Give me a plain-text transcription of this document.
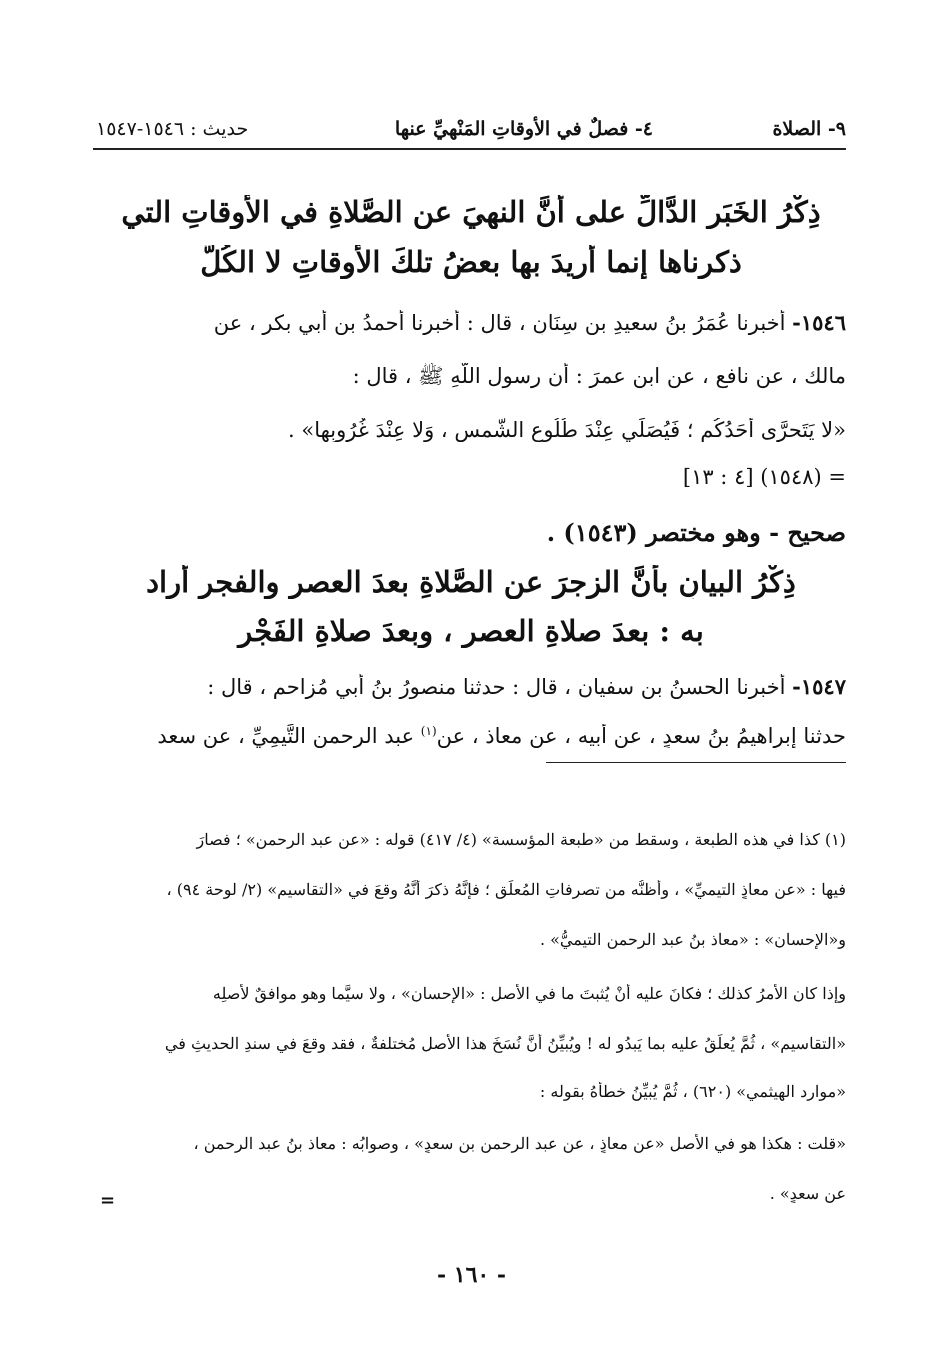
٩- الصلاة
٤- فصلٌ في الأوقاتِ المَنْهيِّ عنها
حديث : ١٥٤٦-١٥٤٧
ذِكْرُ الخَبَرِ الدَّالِّ على أنَّ النهيَ عن الصَّلاةِ في الأوقاتِ التي
ذكرناها إنما أُريدَ بها بعضُ تلكَ الأوقاتِ لا الكُلُّ
١٥٤٦- أخبرنا عُمَرُ بنُ سعيدِ بن سِنَانٍ ، قال : أخبرنا أحمدُ بن أبي بكر ، عن
مالك ، عن نافع ، عن ابن عمرَ : أن رسول اللّهِ ﷺ ، قال :
«لا يَتَحرَّى أَحَدُكُم ؛ فَيُصَلِّي عِنْدَ طُلُوعِ الشَّمسِ ، وَلا عِنْدَ غُرُوبِها» .
= (١٥٤٨) [٤ : ١٣]
صحيح - وهو مختصر (١٥٤٣) .
ذِكْرُ البيانِ بأنَّ الزجرَ عن الصَّلاةِ بعدَ العصرِ والفجرِ أراد
به : بعدَ صلاةِ العصرِ ، وبعدَ صلاةِ الفَجْرِ
١٥٤٧- أخبرنا الحسنُ بن سفيان ، قال : حدثنا منصورُ بنُ أبي مُزاحم ، قال :
حدثنا إبراهيمُ بنُ سعدٍ ، عن أبيه ، عن معاذ ، عن$^{(١)}$ عبد الرحمن التَّيمِيِّ ، عن سعد
(١) كذا في هذه الطبعة ، وسقط من «طبعة المؤسسة» (٤/ ٤١٧) قوله : «عن عبد الرحمن» ؛ فصارَ
فيها : «عن معاذٍ التيميِّ» ، وأظنُّه من تصرفاتِ المُعلِّق ؛ فإنَّهُ ذكرَ أنَّهُ وقعَ في «التقاسيم» (٢/ لوحة ٩٤) ،
و«الإحسان» : «معاذ بنُ عبد الرحمن التيميُّ» .
وإذا كان الأمرُ كذلك ؛ فكانَ عليه أنْ يُثبتَ ما في الأصل : «الإحسان» ، ولا سيَّما وهو موافقٌ لأصلِه
«التقاسيم» ، ثُمَّ يُعلِّقُ عليه بما يَبدُو له ! ويُبيِّنُ أنَّ نُسَخَ هذا الأصلِ مُختلفةٌ ، فقد وقعَ في سندِ الحديثِ في
«موارد الهيثمي» (٦٢٠) ، ثُمَّ يُبيِّنُ خطأهُ بقوله :
«قلت : هكذا هو في الأصلِ «عن معاذٍ ، عن عبد الرحمن بن سعدٍ» ، وصوابُه : معاذ بنُ عبد الرحمن ،
عن سعدٍ» .
=
- ١٦٠ -
